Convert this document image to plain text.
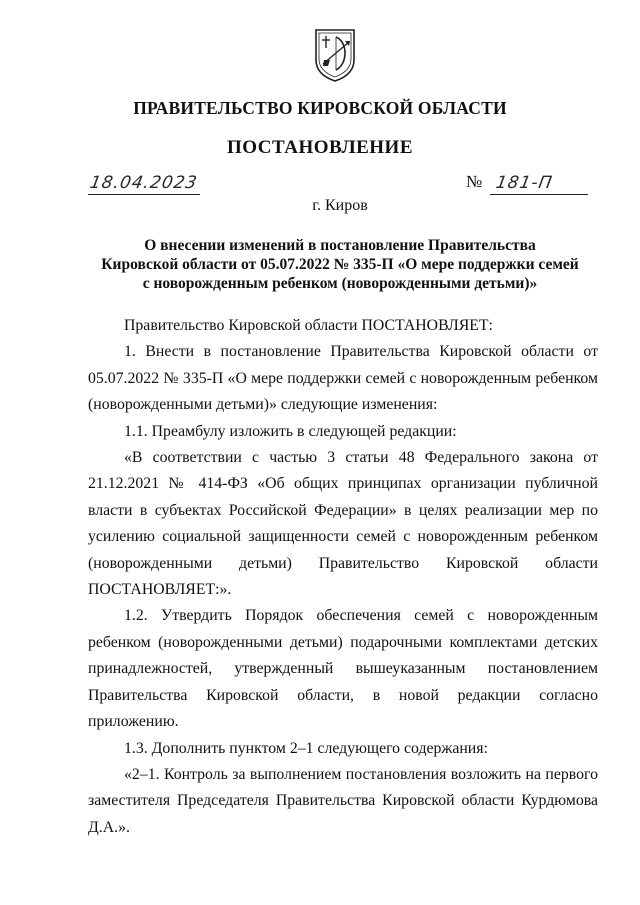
ПРАВИТЕЛЬСТВО КИРОВСКОЙ ОБЛАСТИ
ПОСТАНОВЛЕНИЕ
18.04.2023	№ 181-П
г. Киров
О внесении изменений в постановление Правительства
Кировской области от 05.07.2022 № 335-П «О мере поддержки семей
с новорожденным ребенком (новорожденными детьми)»

Правительство Кировской области ПОСТАНОВЛЯЕТ:

1. Внести в постановление Правительства Кировской области от 05.07.2022 № 335-П «О мере поддержки семей с новорожденным ребенком (новорожденными детьми)» следующие изменения:

1.1. Преамбулу изложить в следующей редакции:

«В соответствии с частью 3 статьи 48 Федерального закона от 21.12.2021 № 414-ФЗ «Об общих принципах организации публичной власти в субъектах Российской Федерации» в целях реализации мер по усилению социальной защищенности семей с новорожденным ребенком (новорожденными детьми) Правительство Кировской области ПОСТАНОВЛЯЕТ:».

1.2. Утвердить Порядок обеспечения семей с новорожденным ребенком (новорожденными детьми) подарочными комплектами детских принадлежностей, утвержденный вышеуказанным постановлением Правительства Кировской области, в новой редакции согласно приложению.

1.3. Дополнить пунктом 2–1 следующего содержания:

«2–1. Контроль за выполнением постановления возложить на первого заместителя Председателя Правительства Кировской области Курдюмова Д.А.».
